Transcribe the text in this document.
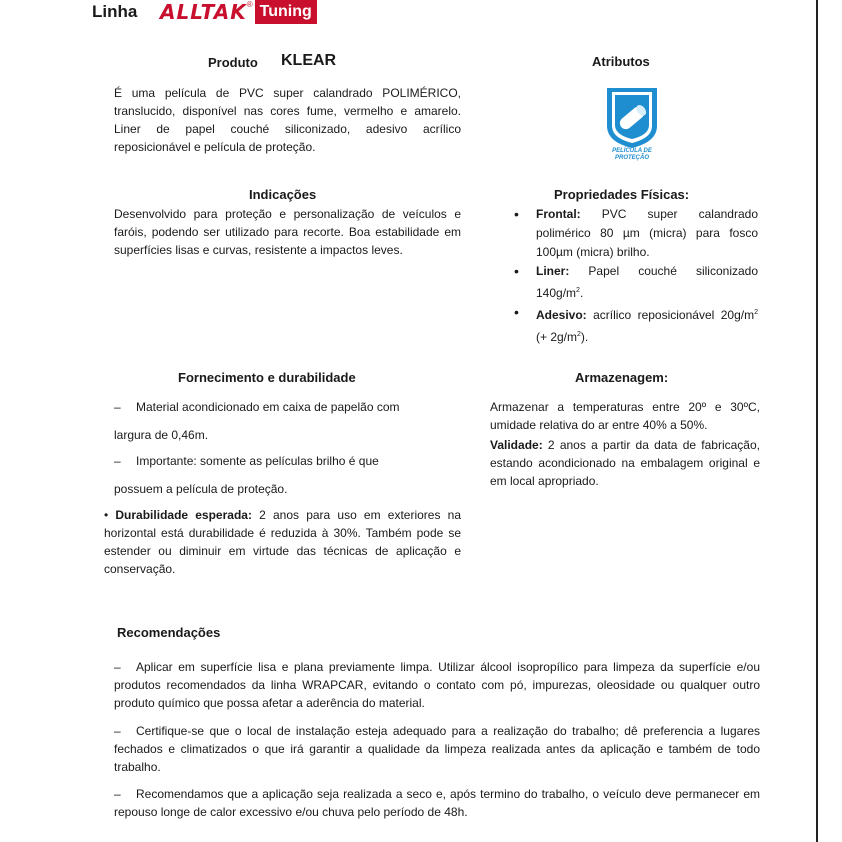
Linha ALLTAK ® Tuning
Produto KLEAR
É uma película de PVC super calandrado POLIMÉRICO, translucido, disponível nas cores fume, vermelho e amarelo. Liner de papel couché siliconizado, adesivo acrílico reposicionável e película de proteção.
Atributos
PELÍCULA DE
PROTEÇÃO
Indicações
Desenvolvido para proteção e personalização de veículos e faróis, podendo ser utilizado para recorte. Boa estabilidade em superfícies lisas e curvas, resistente a impactos leves.
Propriedades Físicas:
• Frontal: PVC super calandrado polimérico 80 µm (micra) para fosco 100µm (micra) brilho.
• Liner: Papel couché siliconizado $140g/m^2$.
• Adesivo: acrílico reposicionável $20g/m^2$ (+ $2g/m^2$).
Fornecimento e durabilidade
– Material acondicionado em caixa de papelão com
largura de 0,46m.
– Importante: somente as películas brilho é que
possuem a película de proteção.
• Durabilidade esperada: 2 anos para uso em exteriores na horizontal está durabilidade é reduzida à 30%. Também pode se estender ou diminuir em virtude das técnicas de aplicação e conservação.
Armazenagem:
Armazenar a temperaturas entre 20º e 30ºC, umidade relativa do ar entre 40% a 50%.
Validade: 2 anos a partir da data de fabricação, estando acondicionado na embalagem original e em local apropriado.
Recomendações
– Aplicar em superfície lisa e plana previamente limpa. Utilizar álcool isopropílico para limpeza da superfície e/ou produtos recomendados da linha WRAPCAR, evitando o contato com pó, impurezas, oleosidade ou qualquer outro produto químico que possa afetar a aderência do material.
– Certifique-se que o local de instalação esteja adequado para a realização do trabalho; dê preferencia a lugares fechados e climatizados o que irá garantir a qualidade da limpeza realizada antes da aplicação e também de todo trabalho.
– Recomendamos que a aplicação seja realizada a seco e, após termino do trabalho, o veículo deve permanecer em repouso longe de calor excessivo e/ou chuva pelo período de 48h.
